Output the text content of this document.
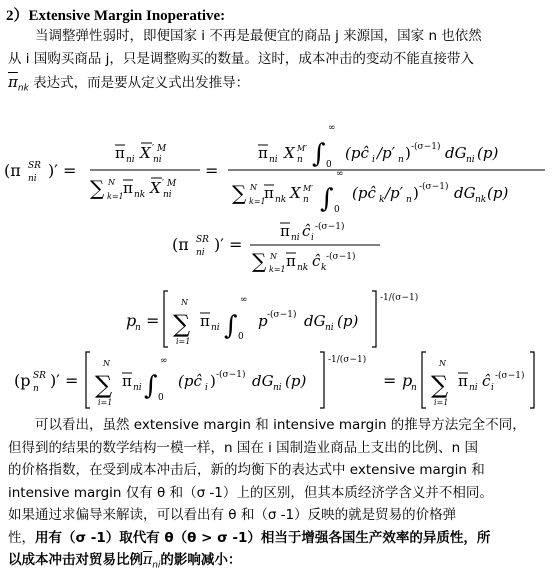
2）Extensive Margin Inoperative:

当调整弹性弱时，即便国家 i 不再是最便宜的商品 j 来源国，国家 n 也依然
从 i 国购买商品 j，只是调整购买的数量。这时，成本冲击的变动不能直接带入
$\overline{\pi}_{nk}$ 表达式，而是要从定义式出发推导：

(π SR
ni )′ =
π ni X ′ M
ni
∑ N
k=1 π nk X ′ M
ni
=
π ni X M′
n ∫
∞
0
(pĉ i /p′ n ) -(σ−1) dG ni (p)
∑ N
k=1
π nk X M′
n ∫
∞
0
(pĉ k /p′ n ) -(σ−1) dG nk (p)
(π SR
ni )′ =
π ni ĉ i
-(σ−1)
∑ N
k=1 π nk ĉ k
-(σ−1)
p
n = ∑
N
i=1
π ni ∫
∞
0
p -(σ−1) dG ni (p)
-1/(σ−1)
(p SR
n )′ = ∑
N
i=1
π ni ∫
∞
0
(pĉ i ) -(σ−1) dG ni (p)
-1/(σ−1)
= p
n ∑
N
i=1
π ni ĉ i
-(σ−1)

可以看出，虽然 extensive margin 和 intensive margin 的推导方法完全不同，
但得到的结果的数学结构一模一样，n 国在 i 国制造业商品上支出的比例、n 国
的价格指数，在受到成本冲击后，新的均衡下的表达式中 extensive margin 和
intensive margin 仅有 θ 和（σ -1）上的区别，但其本质经济学含义并不相同。
如果通过求偏导来解读，可以看出有 θ 和（σ -1）反映的就是贸易的价格弹
性，用有（σ -1）取代有 θ（θ > σ -1）相当于增强各国生产效率的异质性，所
以成本冲击对贸易比例$\overline{\pi}_{ni}$的影响减小：
